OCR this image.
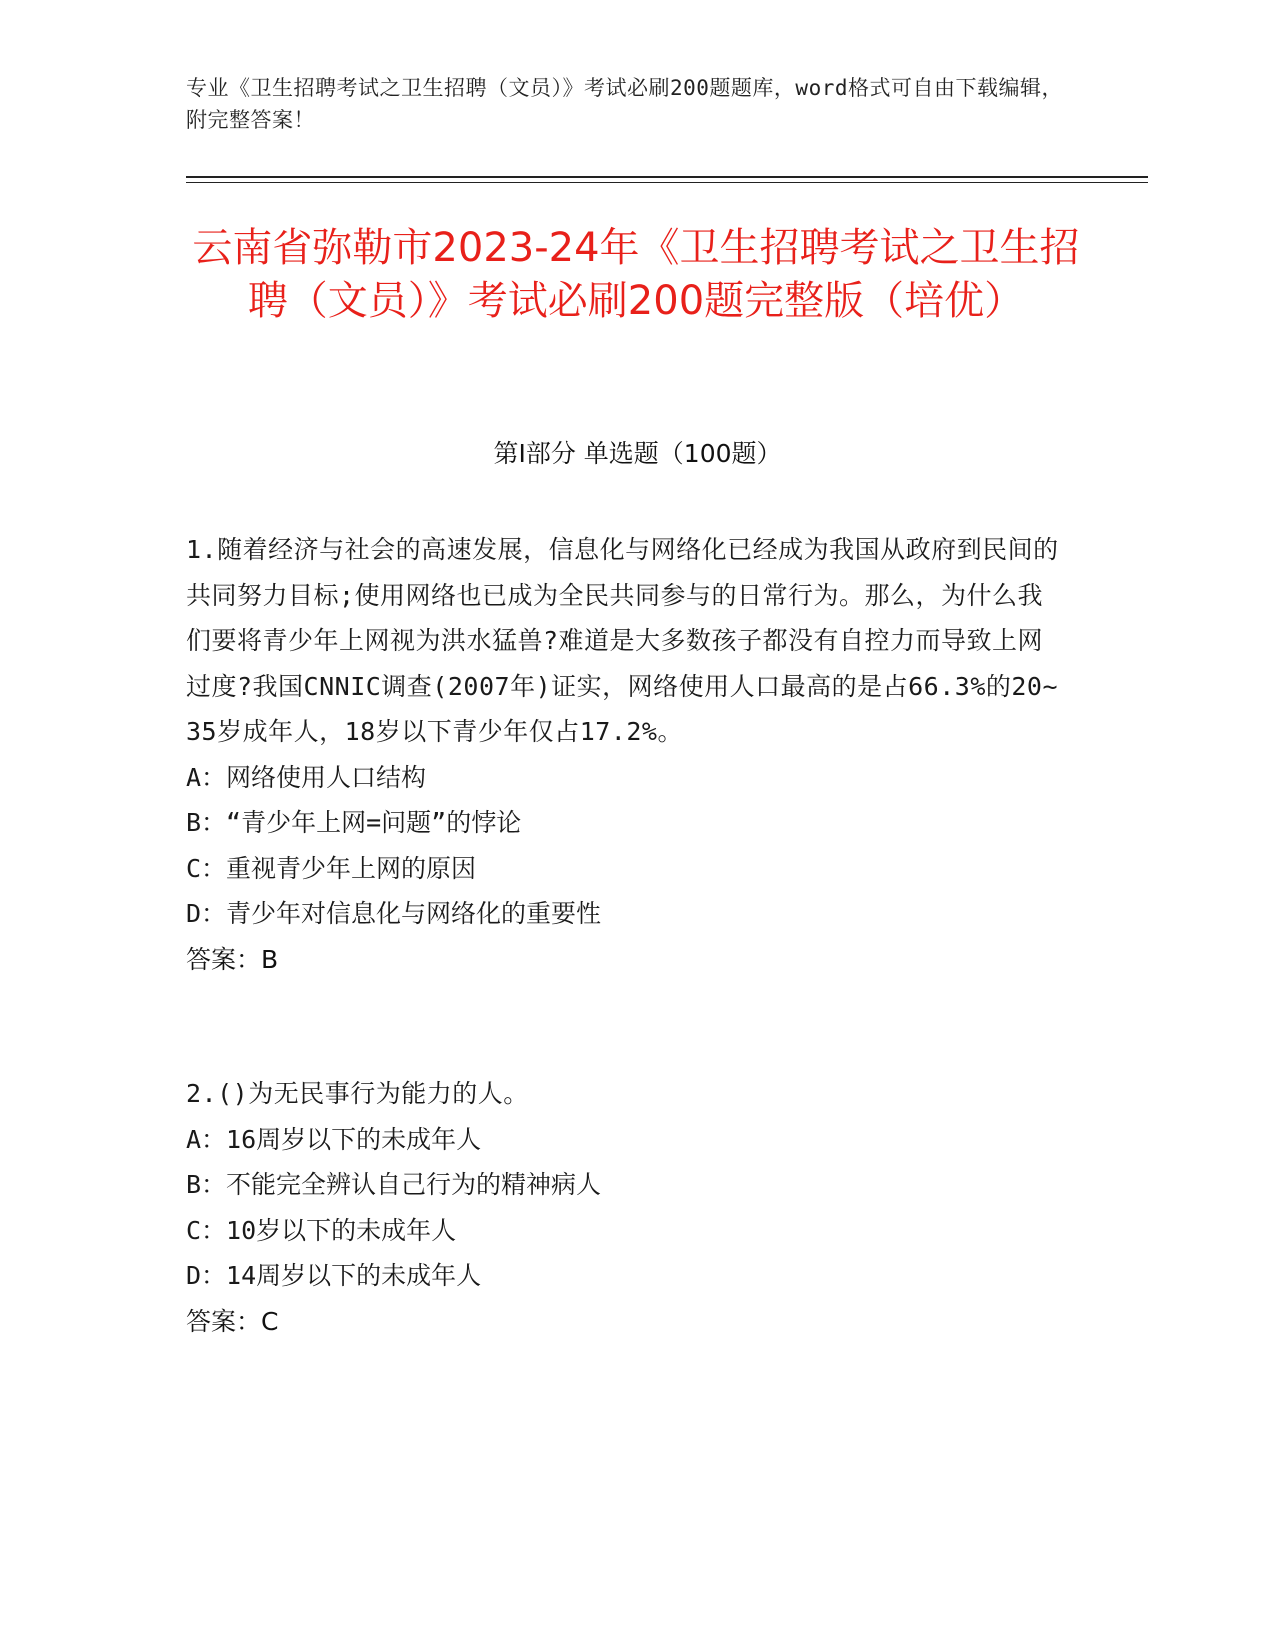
专业《卫生招聘考试之卫生招聘（文员）》考试必刷200题题库，word格式可自由下载编辑，附完整答案！
云南省弥勒市2023-24年《卫生招聘考试之卫生招聘（文员）》考试必刷200题完整版（培优）
第I部分 单选题（100题）
1.随着经济与社会的高速发展，信息化与网络化已经成为我国从政府到民间的共同努力目标;使用网络也已成为全民共同参与的日常行为。那么，为什么我们要将青少年上网视为洪水猛兽?难道是大多数孩子都没有自控力而导致上网过度?我国CNNIC调查(2007年)证实，网络使用人口最高的是占66.3%的20~35岁成年人，18岁以下青少年仅占17.2%。
A：网络使用人口结构
B：“青少年上网=问题”的悖论
C：重视青少年上网的原因
D：青少年对信息化与网络化的重要性
答案：B
2.()为无民事行为能力的人。
A：16周岁以下的未成年人
B：不能完全辨认自己行为的精神病人
C：10岁以下的未成年人
D：14周岁以下的未成年人
答案：C
